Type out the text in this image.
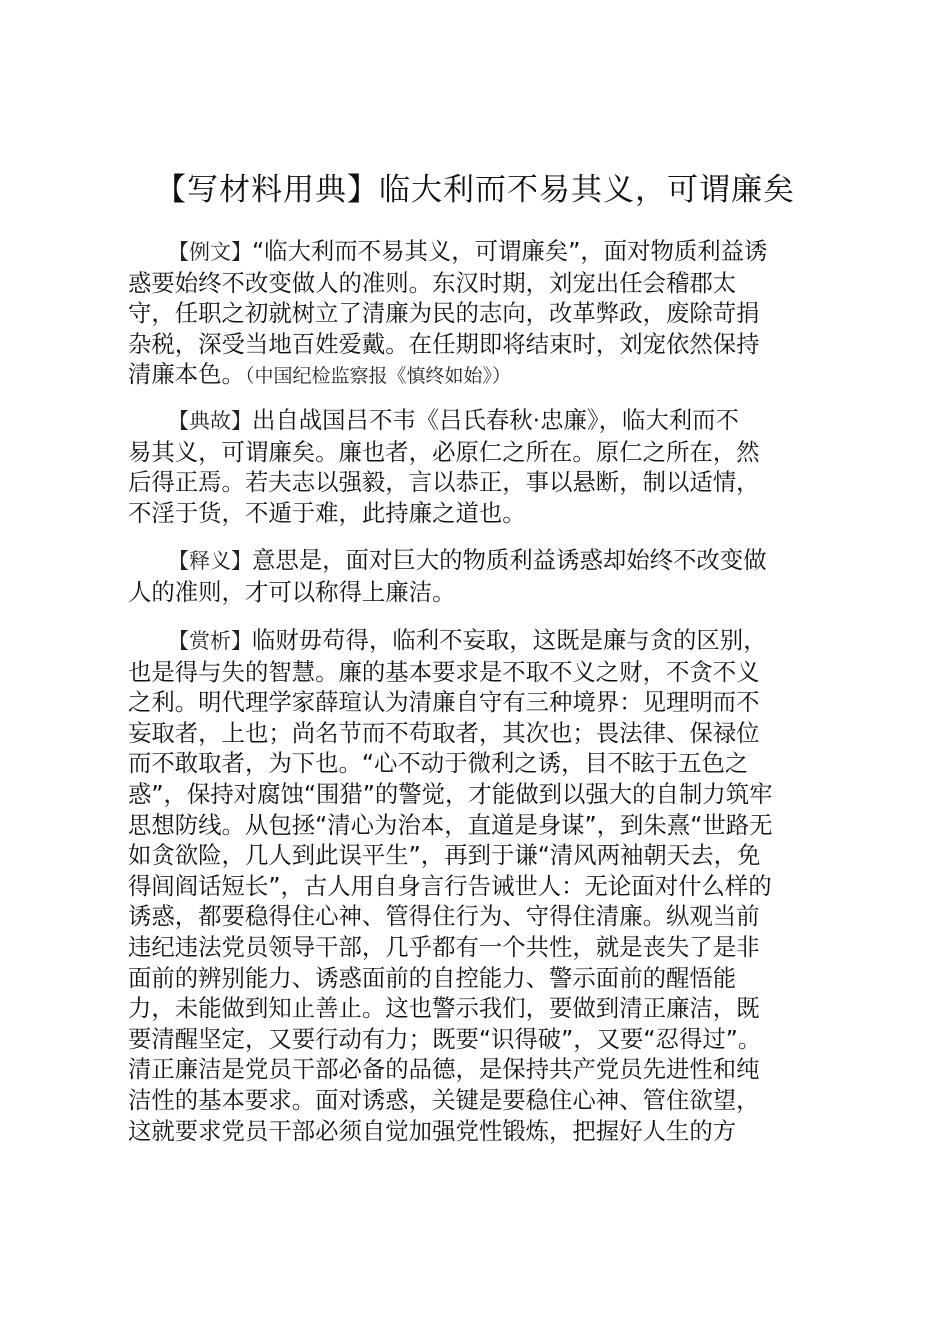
【写材料用典】临大利而不易其义，可谓廉矣
【例文】“临大利而不易其义，可谓廉矣”，面对物质利益诱
惑要始终不改变做人的准则。东汉时期，刘宠出任会稽郡太
守，任职之初就树立了清廉为民的志向，改革弊政，废除苛捐
杂税，深受当地百姓爱戴。在任期即将结束时，刘宠依然保持
清廉本色。（中国纪检监察报《慎终如始》）
【典故】出自战国吕不韦《吕氏春秋·忠廉》，临大利而不
易其义，可谓廉矣。廉也者，必原仁之所在。原仁之所在，然
后得正焉。若夫志以强毅，言以恭正，事以悬断，制以适情，
不淫于货，不遁于难，此持廉之道也。
【释义】意思是，面对巨大的物质利益诱惑却始终不改变做
人的准则，才可以称得上廉洁。
【赏析】临财毋苟得，临利不妄取，这既是廉与贪的区别，
也是得与失的智慧。廉的基本要求是不取不义之财，不贪不义
之利。明代理学家薛瑄认为清廉自守有三种境界：见理明而不
妄取者，上也；尚名节而不苟取者，其次也；畏法律、保禄位
而不敢取者，为下也。“心不动于微利之诱，目不眩于五色之
惑”，保持对腐蚀“围猎”的警觉，才能做到以强大的自制力筑牢
思想防线。从包拯“清心为治本，直道是身谋”，到朱熹“世路无
如贪欲险，几人到此误平生”，再到于谦“清风两袖朝天去，免
得闾阎话短长”，古人用自身言行告诫世人：无论面对什么样的
诱惑，都要稳得住心神、管得住行为、守得住清廉。纵观当前
违纪违法党员领导干部，几乎都有一个共性，就是丧失了是非
面前的辨别能力、诱惑面前的自控能力、警示面前的醒悟能
力，未能做到知止善止。这也警示我们，要做到清正廉洁，既
要清醒坚定，又要行动有力；既要“识得破”，又要“忍得过”。
清正廉洁是党员干部必备的品德，是保持共产党员先进性和纯
洁性的基本要求。面对诱惑，关键是要稳住心神、管住欲望，
这就要求党员干部必须自觉加强党性锻炼，把握好人生的方
